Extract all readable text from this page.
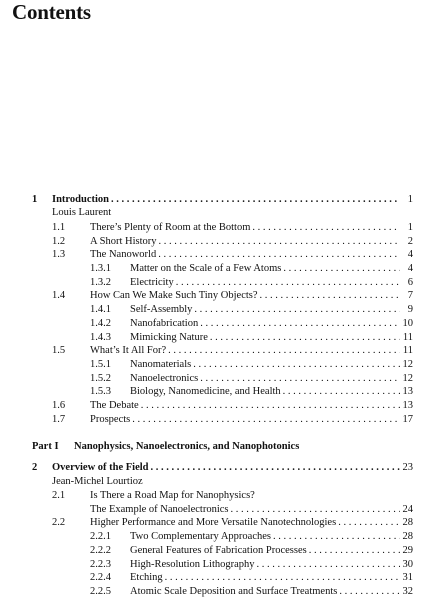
Contents
1 Introduction . . .	1
Louis Laurent
1.1 There’s Plenty of Room at the Bottom . . .	1
1.2 A Short History . . .	2
1.3 The Nanoworld . . .	4
1.3.1 Matter on the Scale of a Few Atoms . . .	4
1.3.2 Electricity . . .	6
1.4 How Can We Make Such Tiny Objects? . . .	7
1.4.1 Self-Assembly . . .	9
1.4.2 Nanofabrication . . .	10
1.4.3 Mimicking Nature . . .	11
1.5 What’s It All For? . . .	11
1.5.1 Nanomaterials . . .	12
1.5.2 Nanoelectronics . . .	12
1.5.3 Biology, Nanomedicine, and Health . . .	13
1.6 The Debate . . .	13
1.7 Prospects . . .	17
Part I Nanophysics, Nanoelectronics, and Nanophotonics
2 Overview of the Field . . .	23
Jean-Michel Lourtioz
2.1 Is There a Road Map for Nanophysics?
The Example of Nanoelectronics . . .	24
2.2 Higher Performance and More Versatile Nanotechnologies . . .	28
2.2.1 Two Complementary Approaches . . .	28
2.2.2 General Features of Fabrication Processes . . .	29
2.2.3 High-Resolution Lithography . . .	30
2.2.4 Etching . . .	31
2.2.5 Atomic Scale Deposition and Surface Treatments . . .	32
